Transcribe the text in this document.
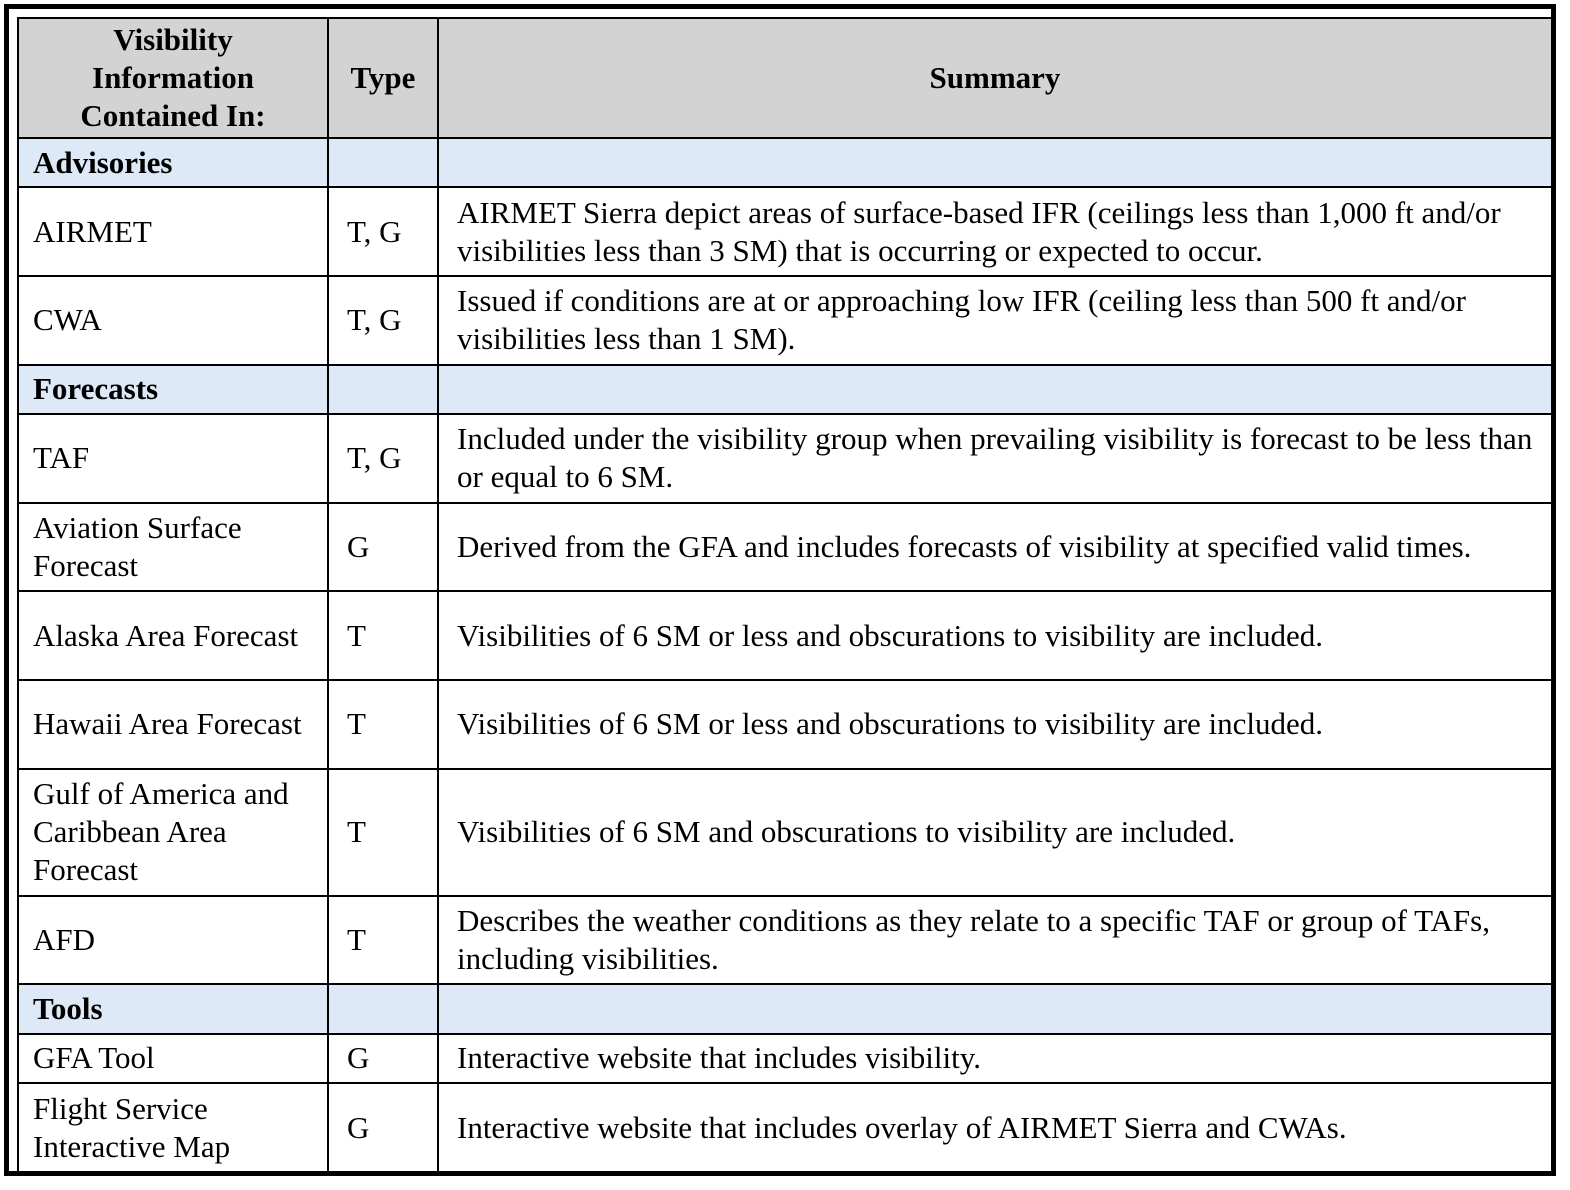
Visibility Information Contained In:	Type	Summary
Advisories		
AIRMET	T, G	AIRMET Sierra depict areas of surface-based IFR (ceilings less than 1,000 ft and/or visibilities less than 3 SM) that is occurring or expected to occur.
CWA	T, G	Issued if conditions are at or approaching low IFR (ceiling less than 500 ft and/or visibilities less than 1 SM).
Forecasts		
TAF	T, G	Included under the visibility group when prevailing visibility is forecast to be less than or equal to 6 SM.
Aviation Surface Forecast	G	Derived from the GFA and includes forecasts of visibility at specified valid times.
Alaska Area Forecast	T	Visibilities of 6 SM or less and obscurations to visibility are included.
Hawaii Area Forecast	T	Visibilities of 6 SM or less and obscurations to visibility are included.
Gulf of America and Caribbean Area Forecast	T	Visibilities of 6 SM and obscurations to visibility are included.
AFD	T	Describes the weather conditions as they relate to a specific TAF or group of TAFs, including visibilities.
Tools		
GFA Tool	G	Interactive website that includes visibility.
Flight Service Interactive Map	G	Interactive website that includes overlay of AIRMET Sierra and CWAs.
